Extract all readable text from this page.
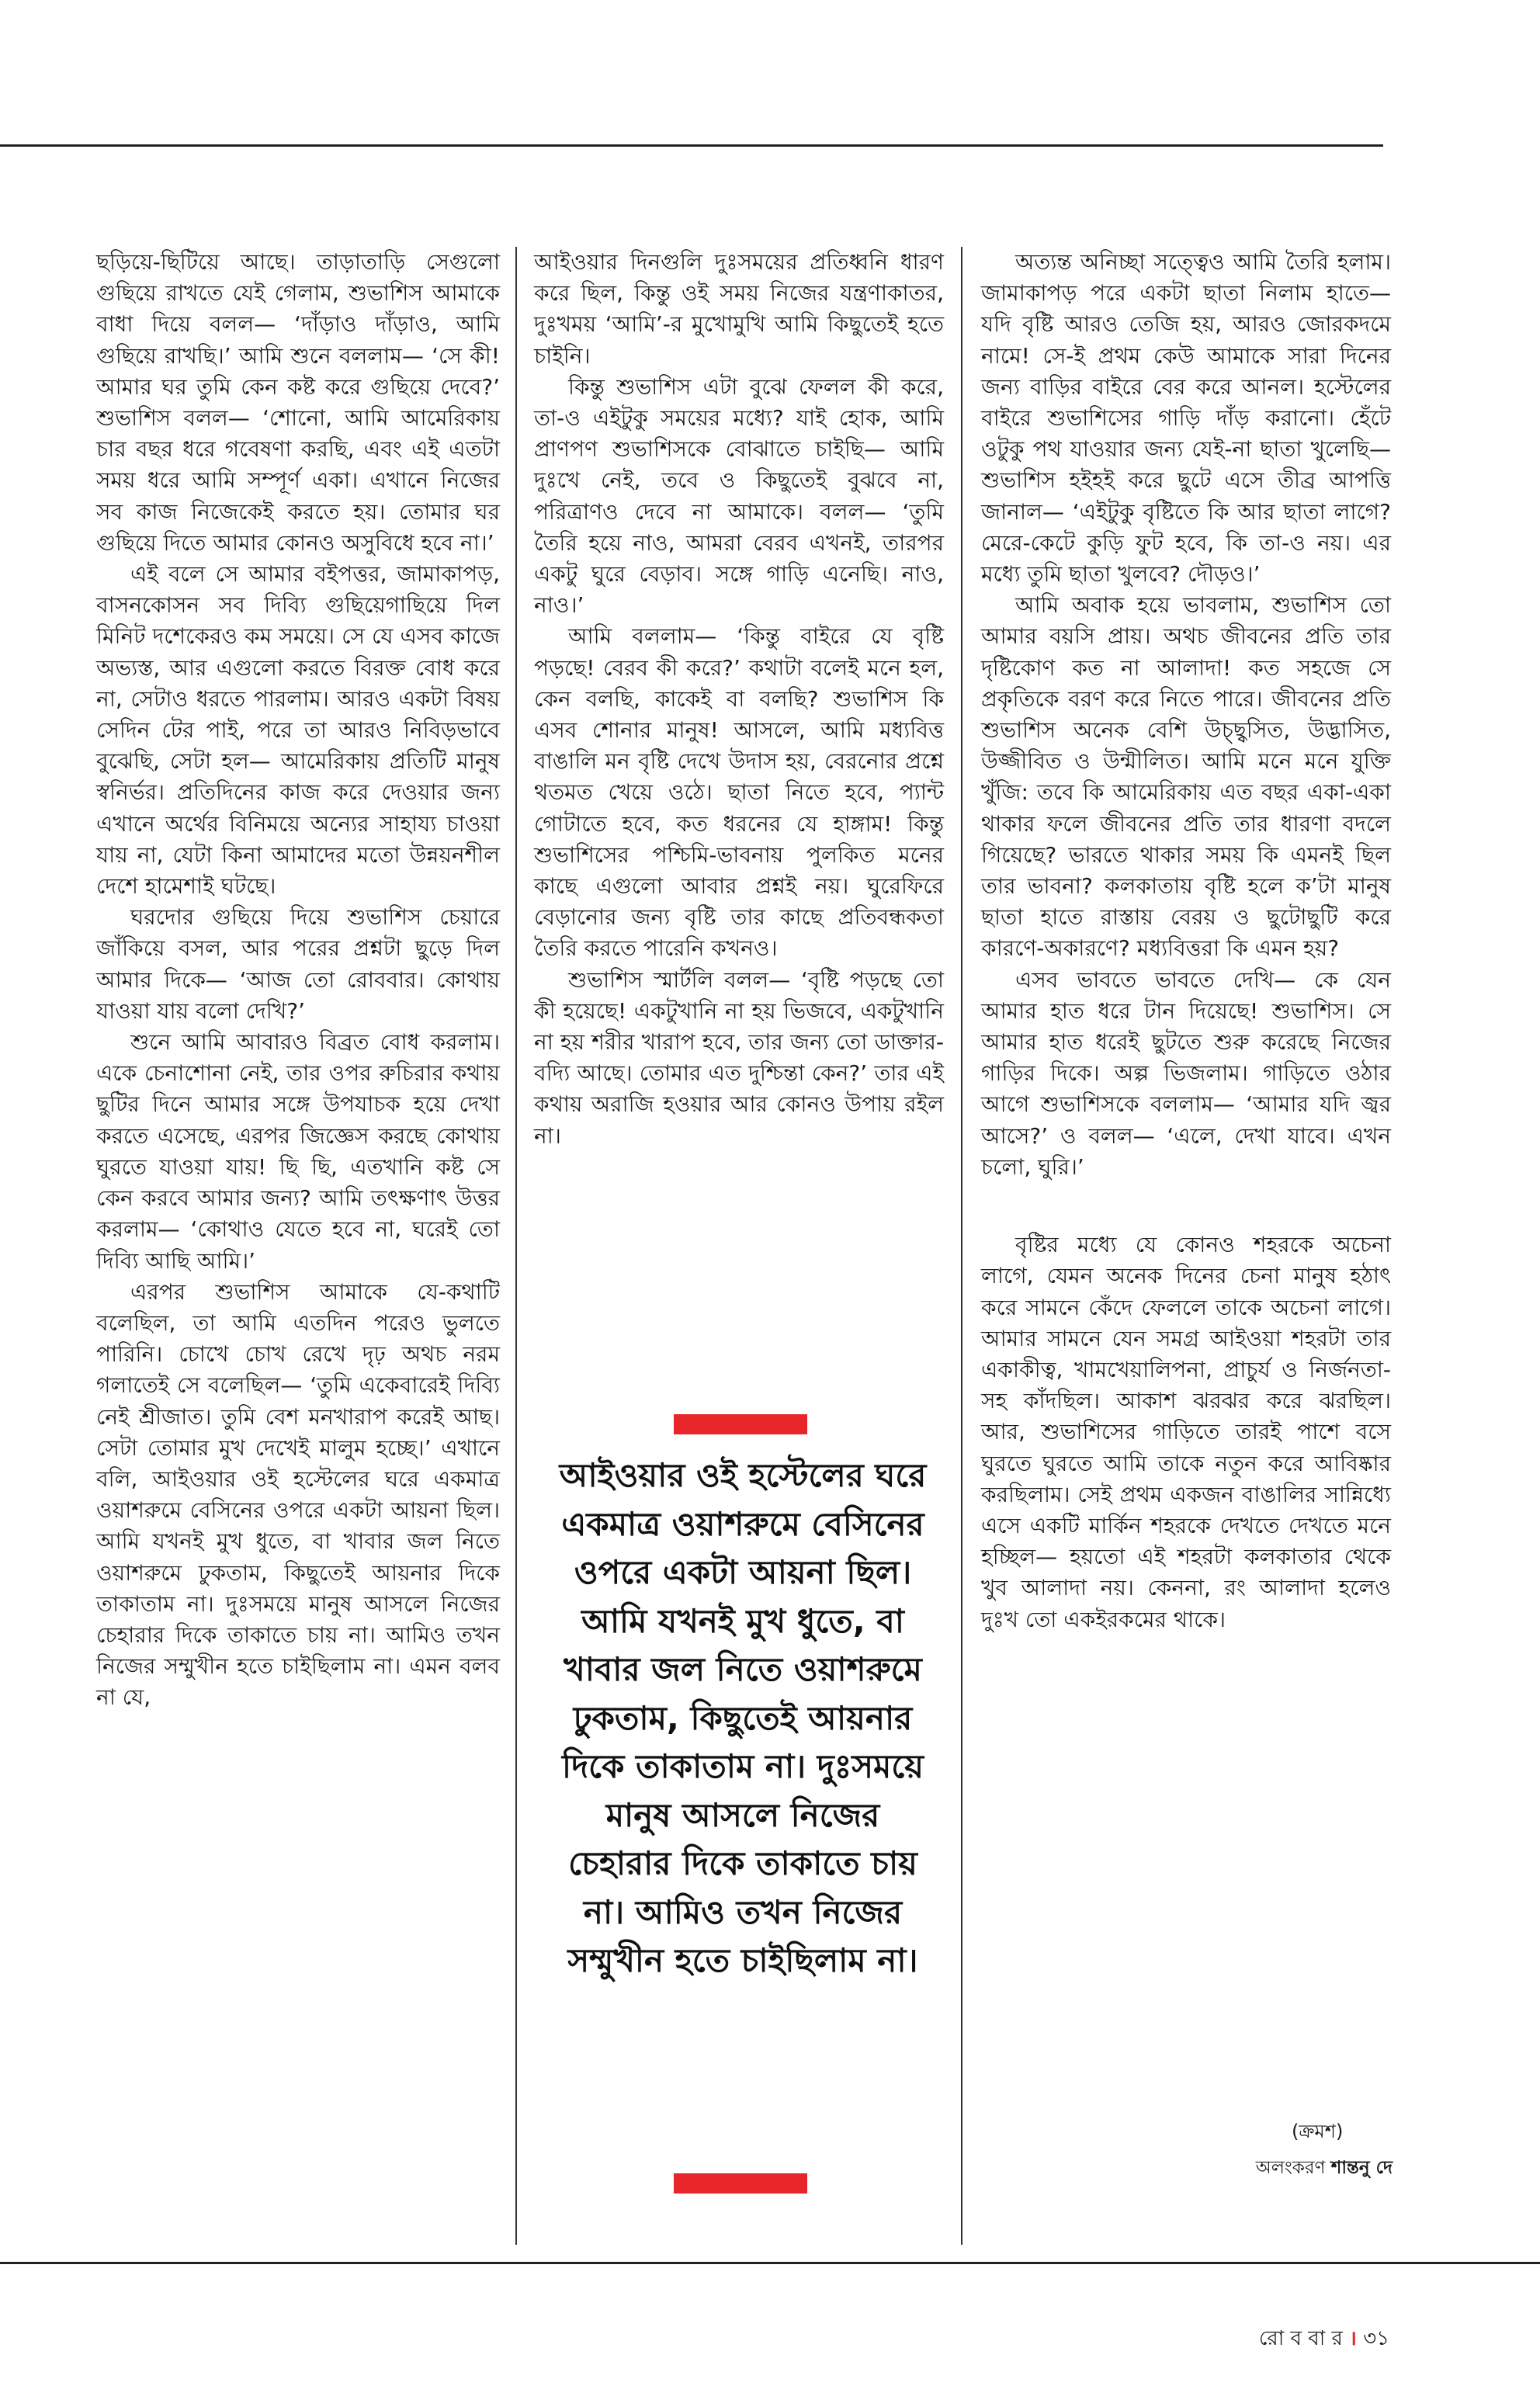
ছড়িয়ে-ছিটিয়ে আছে। তাড়াতাড়ি সেগুলো গুছিয়ে রাখতে যেই গেলাম, শুভাশিস আমাকে বাধা দিয়ে বলল— ‘দাঁড়াও দাঁড়াও, আমি গুছিয়ে রাখছি।’ আমি শুনে বললাম— ‘সে কী! আমার ঘর তুমি কেন কষ্ট করে গুছিয়ে দেবে?’ শুভাশিস বলল— ‘শোনো, আমি আমেরিকায় চার বছর ধরে গবেষণা করছি, এবং এই এতটা সময় ধরে আমি সম্পূর্ণ একা। এখানে নিজের সব কাজ নিজেকেই করতে হয়। তোমার ঘর গুছিয়ে দিতে আমার কোনও অসুবিধে হবে না।’

এই বলে সে আমার বইপত্তর, জামাকাপড়, বাসনকোসন সব দিব্যি গুছিয়েগাছিয়ে দিল মিনিট দশেকেরও কম সময়ে। সে যে এসব কাজে অভ্যস্ত, আর এগুলো করতে বিরক্ত বোধ করে না, সেটাও ধরতে পারলাম। আরও একটা বিষয় সেদিন টের পাই, পরে তা আরও নিবিড়ভাবে বুঝেছি, সেটা হল— আমেরিকায় প্রতিটি মানুষ স্বনির্ভর। প্রতিদিনের কাজ করে দেওয়ার জন্য এখানে অর্থের বিনিময়ে অন্যের সাহায্য চাওয়া যায় না, যেটা কিনা আমাদের মতো উন্নয়নশীল দেশে হামেশাই ঘটছে।

ঘরদোর গুছিয়ে দিয়ে শুভাশিস চেয়ারে জাঁকিয়ে বসল, আর পরের প্রশ্নটা ছুড়ে দিল আমার দিকে— ‘আজ তো রোববার। কোথায় যাওয়া যায় বলো দেখি?’

শুনে আমি আবারও বিব্রত বোধ করলাম। একে চেনাশোনা নেই, তার ওপর রুচিরার কথায় ছুটির দিনে আমার সঙ্গে উপযাচক হয়ে দেখা করতে এসেছে, এরপর জিজ্ঞেস করছে কোথায় ঘুরতে যাওয়া যায়! ছি ছি, এতখানি কষ্ট সে কেন করবে আমার জন্য? আমি তৎক্ষণাৎ উত্তর করলাম— ‘কোথাও যেতে হবে না, ঘরেই তো দিব্যি আছি আমি।’

এরপর শুভাশিস আমাকে যে-কথাটি বলেছিল, তা আমি এতদিন পরেও ভুলতে পারিনি। চোখে চোখ রেখে দৃঢ় অথচ নরম গলাতেই সে বলেছিল— ‘তুমি একেবারেই দিব্যি নেই শ্রীজাত। তুমি বেশ মনখারাপ করেই আছ। সেটা তোমার মুখ দেখেই মালুম হচ্ছে।’ এখানে বলি, আইওয়ার ওই হস্টেলের ঘরে একমাত্র ওয়াশরুমে বেসিনের ওপরে একটা আয়না ছিল। আমি যখনই মুখ ধুতে, বা খাবার জল নিতে ওয়াশরুমে ঢুকতাম, কিছুতেই আয়নার দিকে তাকাতাম না। দুঃসময়ে মানুষ আসলে নিজের চেহারার দিকে তাকাতে চায় না। আমিও তখন নিজের সম্মুখীন হতে চাইছিলাম না। এমন বলব না যে,

আইওয়ার দিনগুলি দুঃসময়ের প্রতিধ্বনি ধারণ করে ছিল, কিন্তু ওই সময় নিজের যন্ত্রণাকাতর, দুঃখময় ‘আমি’-র মুখোমুখি আমি কিছুতেই হতে চাইনি।

কিন্তু শুভাশিস এটা বুঝে ফেলল কী করে, তা-ও এইটুকু সময়ের মধ্যে? যাই হোক, আমি প্রাণপণ শুভাশিসকে বোঝাতে চাইছি— আমি দুঃখে নেই, তবে ও কিছুতেই বুঝবে না, পরিত্রাণও দেবে না আমাকে। বলল— ‘তুমি তৈরি হয়ে নাও, আমরা বেরব এখনই, তারপর একটু ঘুরে বেড়াব। সঙ্গে গাড়ি এনেছি। নাও, নাও।’

আমি বললাম— ‘কিন্তু বাইরে যে বৃষ্টি পড়ছে! বেরব কী করে?’ কথাটা বলেই মনে হল, কেন বলছি, কাকেই বা বলছি? শুভাশিস কি এসব শোনার মানুষ! আসলে, আমি মধ্যবিত্ত বাঙালি মন বৃষ্টি দেখে উদাস হয়, বেরনোর প্রশ্নে থতমত খেয়ে ওঠে। ছাতা নিতে হবে, প্যান্ট গোটাতে হবে, কত ধরনের যে হাঙ্গাম! কিন্তু শুভাশিসের পশ্চিমি-ভাবনায় পুলকিত মনের কাছে এগুলো আবার প্রশ্নই নয়। ঘুরেফিরে বেড়ানোর জন্য বৃষ্টি তার কাছে প্রতিবন্ধকতা তৈরি করতে পারেনি কখনও।

শুভাশিস স্মার্টলি বলল— ‘বৃষ্টি পড়ছে তো কী হয়েছে! একটুখানি না হয় ভিজবে, একটুখানি না হয় শরীর খারাপ হবে, তার জন্য তো ডাক্তার-বদ্যি আছে। তোমার এত দুশ্চিন্তা কেন?’ তার এই কথায় অরাজি হওয়ার আর কোনও উপায় রইল না।

আইওয়ার ওই হস্টেলের ঘরে একমাত্র ওয়াশরুমে বেসিনের ওপরে একটা আয়না ছিল। আমি যখনই মুখ ধুতে, বা খাবার জল নিতে ওয়াশরুমে ঢুকতাম, কিছুতেই আয়নার দিকে তাকাতাম না। দুঃসময়ে মানুষ আসলে নিজের চেহারার দিকে তাকাতে চায় না। আমিও তখন নিজের সম্মুখীন হতে চাইছিলাম না।

অত্যন্ত অনিচ্ছা সত্ত্বেও আমি তৈরি হলাম। জামাকাপড় পরে একটা ছাতা নিলাম হাতে— যদি বৃষ্টি আরও তেজি হয়, আরও জোরকদমে নামে! সে-ই প্রথম কেউ আমাকে সারা দিনের জন্য বাড়ির বাইরে বের করে আনল। হস্টেলের বাইরে শুভাশিসের গাড়ি দাঁড় করানো। হেঁটে ওটুকু পথ যাওয়ার জন্য যেই-না ছাতা খুলেছি— শুভাশিস হইহই করে ছুটে এসে তীব্র আপত্তি জানাল— ‘এইটুকু বৃষ্টিতে কি আর ছাতা লাগে? মেরে-কেটে কুড়ি ফুট হবে, কি তা-ও নয়। এর মধ্যে তুমি ছাতা খুলবে? দৌড়ও।’

আমি অবাক হয়ে ভাবলাম, শুভাশিস তো আমার বয়সি প্রায়। অথচ জীবনের প্রতি তার দৃষ্টিকোণ কত না আলাদা! কত সহজে সে প্রকৃতিকে বরণ করে নিতে পারে। জীবনের প্রতি শুভাশিস অনেক বেশি উচ্ছ্বসিত, উদ্ভাসিত, উজ্জীবিত ও উন্মীলিত। আমি মনে মনে যুক্তি খুঁজি: তবে কি আমেরিকায় এত বছর একা-একা থাকার ফলে জীবনের প্রতি তার ধারণা বদলে গিয়েছে? ভারতে থাকার সময় কি এমনই ছিল তার ভাবনা? কলকাতায় বৃষ্টি হলে ক’টা মানুষ ছাতা হাতে রাস্তায় বেরয় ও ছুটোছুটি করে কারণে-অকারণে? মধ্যবিত্তরা কি এমন হয়?

এসব ভাবতে ভাবতে দেখি— কে যেন আমার হাত ধরে টান দিয়েছে! শুভাশিস। সে আমার হাত ধরেই ছুটতে শুরু করেছে নিজের গাড়ির দিকে। অল্প ভিজলাম। গাড়িতে ওঠার আগে শুভাশিসকে বললাম— ‘আমার যদি জ্বর আসে?’ ও বলল— ‘এলে, দেখা যাবে। এখন চলো, ঘুরি।’

বৃষ্টির মধ্যে যে কোনও শহরকে অচেনা লাগে, যেমন অনেক দিনের চেনা মানুষ হঠাৎ করে সামনে কেঁদে ফেললে তাকে অচেনা লাগে। আমার সামনে যেন সমগ্র আইওয়া শহরটা তার একাকীত্ব, খামখেয়ালিপনা, প্রাচুর্য ও নির্জনতা-সহ কাঁদছিল। আকাশ ঝরঝর করে ঝরছিল। আর, শুভাশিসের গাড়িতে তারই পাশে বসে ঘুরতে ঘুরতে আমি তাকে নতুন করে আবিষ্কার করছিলাম। সেই প্রথম একজন বাঙালির সান্নিধ্যে এসে একটি মার্কিন শহরকে দেখতে দেখতে মনে হচ্ছিল— হয়তো এই শহরটা কলকাতার থেকে খুব আলাদা নয়। কেননা, রং আলাদা হলেও দুঃখ তো একইরকমের থাকে।

(ক্রমশ)
অলংকরণ শান্তনু দে
রো ব বা র । ৩১
